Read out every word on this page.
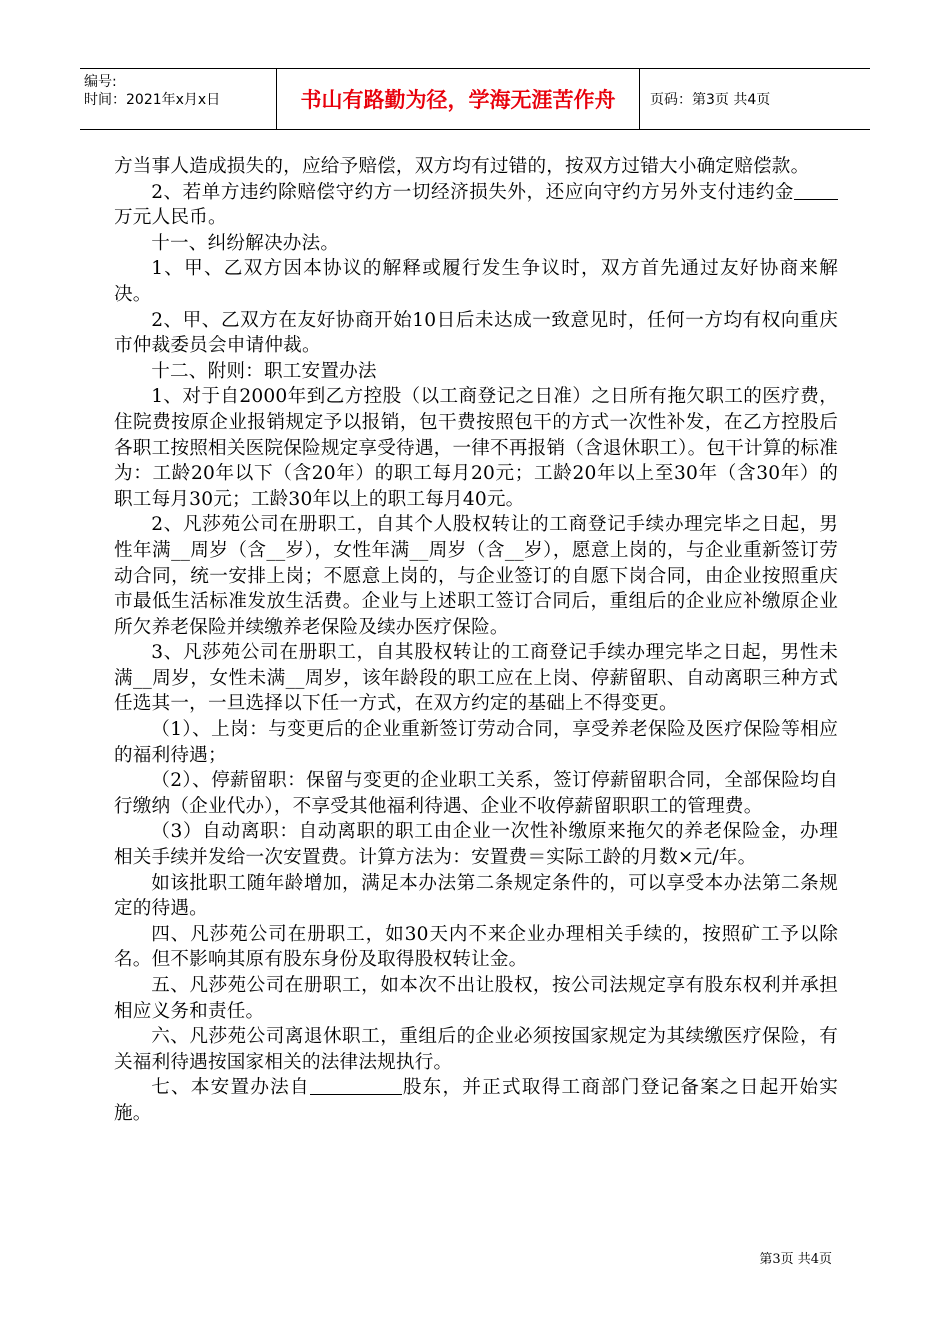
编号:
时间：2021年x月x日	书山有路勤为径，学海无涯苦作舟	页码：第3页 共4页

方当事人造成损失的，应给予赔偿，双方均有过错的，按双方过错大小确定赔偿款。

2、若单方违约除赔偿守约方一切经济损失外，还应向守约方另外支付违约金万元人民币。

十一、纠纷解决办法。

1、甲、乙双方因本协议的解释或履行发生争议时，双方首先通过友好协商来解决。

2、甲、乙双方在友好协商开始10日后未达成一致意见时，任何一方均有权向重庆市仲裁委员会申请仲裁。

十二、附则：职工安置办法

1、对于自2000年到乙方控股（以工商登记之日准）之日所有拖欠职工的医疗费，住院费按原企业报销规定予以报销，包干费按照包干的方式一次性补发，在乙方控股后各职工按照相关医院保险规定享受待遇，一律不再报销（含退休职工）。包干计算的标准为：工龄20年以下（含20年）的职工每月20元；工龄20年以上至30年（含30年）的职工每月30元；工龄30年以上的职工每月40元。

2、凡莎苑公司在册职工，自其个人股权转让的工商登记手续办理完毕之日起，男性年满__周岁（含__岁），女性年满__周岁（含__岁），愿意上岗的，与企业重新签订劳动合同，统一安排上岗；不愿意上岗的，与企业签订的自愿下岗合同，由企业按照重庆市最低生活标准发放生活费。企业与上述职工签订合同后，重组后的企业应补缴原企业所欠养老保险并续缴养老保险及续办医疗保险。

3、凡莎苑公司在册职工，自其股权转让的工商登记手续办理完毕之日起，男性未满__周岁，女性未满__周岁，该年龄段的职工应在上岗、停薪留职、自动离职三种方式任选其一，一旦选择以下任一方式，在双方约定的基础上不得变更。

（1）、上岗：与变更后的企业重新签订劳动合同，享受养老保险及医疗保险等相应的福利待遇；

（2）、停薪留职：保留与变更的企业职工关系，签订停薪留职合同，全部保险均自行缴纳（企业代办），不享受其他福利待遇、企业不收停薪留职职工的管理费。

（3）自动离职：自动离职的职工由企业一次性补缴原来拖欠的养老保险金，办理相关手续并发给一次安置费。计算方法为：安置费＝实际工龄的月数×元/年。

如该批职工随年龄增加，满足本办法第二条规定条件的，可以享受本办法第二条规定的待遇。

四、凡莎苑公司在册职工，如30天内不来企业办理相关手续的，按照矿工予以除名。但不影响其原有股东身份及取得股权转让金。

五、凡莎苑公司在册职工，如本次不出让股权，按公司法规定享有股东权利并承担相应义务和责任。

六、凡莎苑公司离退休职工，重组后的企业必须按国家规定为其续缴医疗保险，有关福利待遇按国家相关的法律法规执行。

七、本安置办法自	股东，并正式取得工商部门登记备案之日起开始实施。

第3页 共4页
